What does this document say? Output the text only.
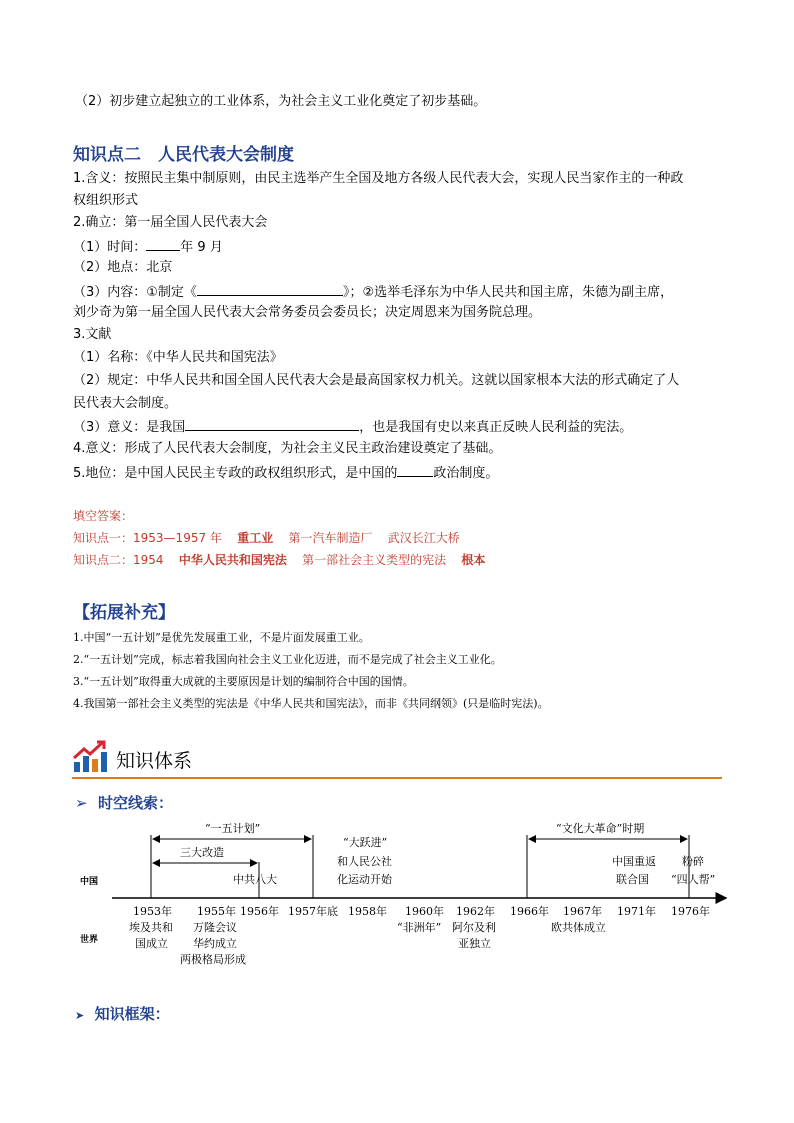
（2）初步建立起独立的工业体系，为社会主义工业化奠定了初步基础。
知识点二　人民代表大会制度
1.含义：按照民主集中制原则，由民主选举产生全国及地方各级人民代表大会，实现人民当家作主的一种政
权组织形式
2.确立：第一届全国人民代表大会
（1）时间：	年 9 月
（2）地点：北京
（3）内容：①制定《	》；②选举毛泽东为中华人民共和国主席，朱德为副主席，
刘少奇为第一届全国人民代表大会常务委员会委员长；决定周恩来为国务院总理。
3.文献
（1）名称：《中华人民共和国宪法》
（2）规定：中华人民共和国全国人民代表大会是最高国家权力机关。这就以国家根本大法的形式确定了人
民代表大会制度。
（3）意义：是我国	，也是我国有史以来真正反映人民利益的宪法。
4.意义：形成了人民代表大会制度，为社会主义民主政治建设奠定了基础。
5.地位：是中国人民民主专政的政权组织形式，是中国的	政治制度。
填空答案：
知识点一：1953—1957 年 重工业 第一汽车制造厂 武汉长江大桥
知识点二：1954 中华人民共和国宪法 第一部社会主义类型的宪法 根本
【拓展补充】
1.中国“一五计划”是优先发展重工业，不是片面发展重工业。
2.“一五计划”完成，标志着我国向社会主义工业化迈进，而不是完成了社会主义工业化。
3.“一五计划”取得重大成就的主要原因是计划的编制符合中国的国情。
4.我国第一部社会主义类型的宪法是《中华人民共和国宪法》，而非《共同纲领》(只是临时宪法)。
知识体系
➢ 时空线索：
中国
世界
“一五计划”
三大改造
“文化大革命”时期
中共八大
“大跃进”
和人民公社
化运动开始
中国重返
联合国
粉碎
“四人帮”
1953年 1955年 1956年 1957年底 1958年 1960年 1962年 1966年 1967年 1971年 1976年
埃及共和
国成立
万隆会议
华约成立
两极格局形成
“非洲年” 阿尔及利
亚独立
欧共体成立
➤ 知识框架：
